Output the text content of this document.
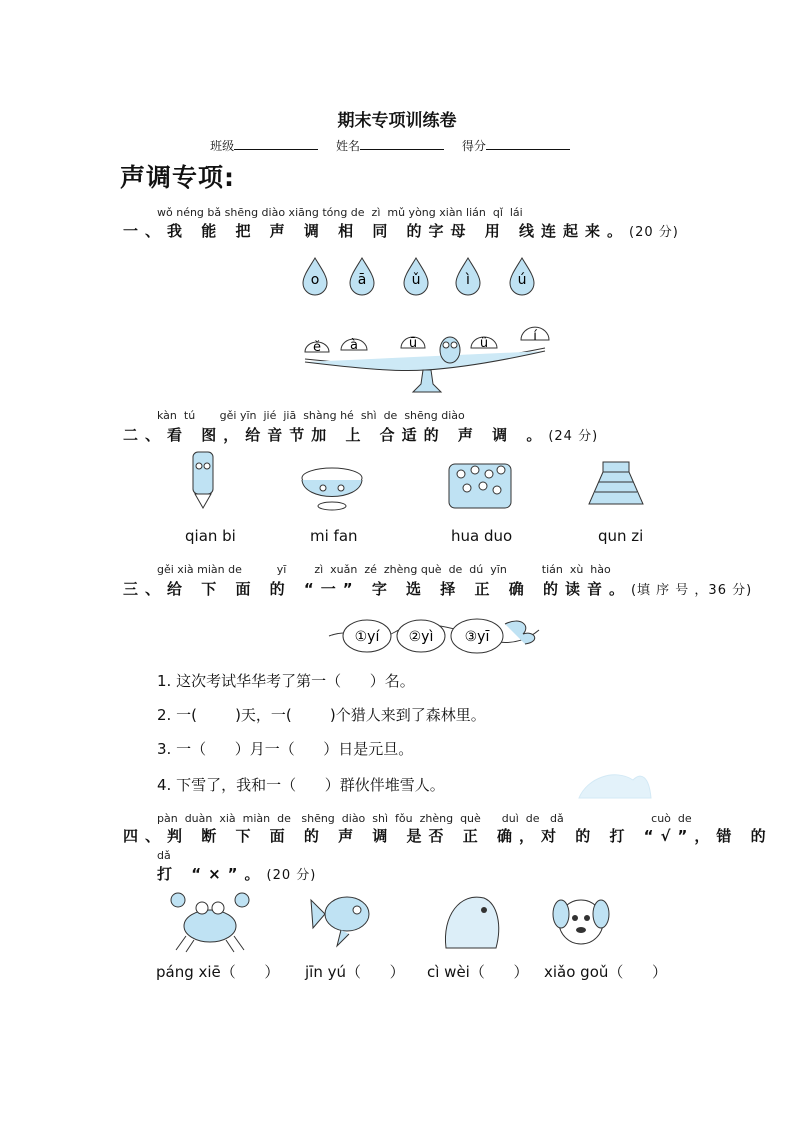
期末专项训练卷
班级	姓名	得分
声调专项:
wǒ néng bǎ shēng diào xiāng tóng de  zì  mǔ yòng xiàn lián  qǐ  lái
一、我 能 把 声 调 相 同 的字母 用 线连起来。(20 分)
o	ā	ǔ	ì	ú
ě à	ū	ü	í
kàn  tú       gěi yīn  jié  jiā  shàng hé  shì  de  shēng diào
二、看 图，给音节加 上 合适的 声 调 。(24 分)
qian bi	mi fan	hua duo	qun zi
gěi xià miàn de          yī        zì  xuǎn  zé  zhèng què  de  dú  yīn          tián  xù  hào
三、给 下 面 的 “一” 字 选 择 正 确 的读音。(填 序 号 ，36 分)
①yí ②yì ③yī
1. 这次考试华华考了第一（      ）名。
2. 一(        )天，一(        )个猎人来到了森林里。
3. 一（      ）月一（      ）日是元旦。
4. 下雪了，我和一（      ）群伙伴堆雪人。
pàn  duàn  xià  miàn  de   shēng  diào  shì  fǒu  zhèng  què      duì  de   dǎ                         cuò  de
四、判 断 下 面 的 声 调 是否 正 确，对 的 打 “√”，错 的
dǎ
打 “×”。(20 分)
páng xiē（      ） jīn yú（      ） cì wèi（      ） xiǎo goǔ（      ）
